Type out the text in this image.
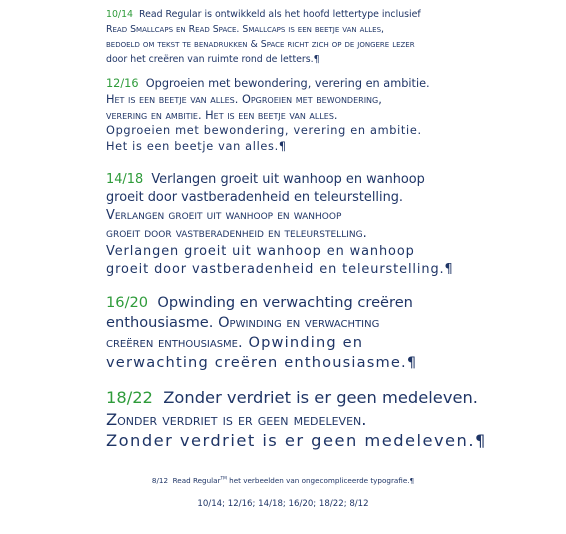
10/14 Read Regular is ontwikkeld als het hoofd lettertype inclusief
Read Smallcaps en Read Space. Smallcaps is een beetje van alles,
bedoeld om tekst te benadrukken & Space richt zich op de jongere lezer
door het creëren van ruimte rond de letters.¶
12/16 Opgroeien met bewondering, verering en ambitie.
Het is een beetje van alles. Opgroeien met bewondering,
verering en ambitie. Het is een beetje van alles.
Opgroeien met bewondering, verering en ambitie.
Het is een beetje van alles.¶
14/18 Verlangen groeit uit wanhoop en wanhoop
groeit door vastberadenheid en teleurstelling.
Verlangen groeit uit wanhoop en wanhoop
groeit door vastberadenheid en teleurstelling.
Verlangen groeit uit wanhoop en wanhoop
groeit door vastberadenheid en teleurstelling.¶
16/20 Opwinding en verwachting creëren
enthousiasme. Opwinding en verwachting
creëren enthousiasme. Opwinding en
verwachting creëren enthousiasme.¶
18/22 Zonder verdriet is er geen medeleven.
Zonder verdriet is er geen medeleven.
Zonder verdriet is er geen medeleven.¶
8/12 Read Regular™ het verbeelden van ongecompliceerde typografie.¶
10/14; 12/16; 14/18; 16/20; 18/22; 8/12
